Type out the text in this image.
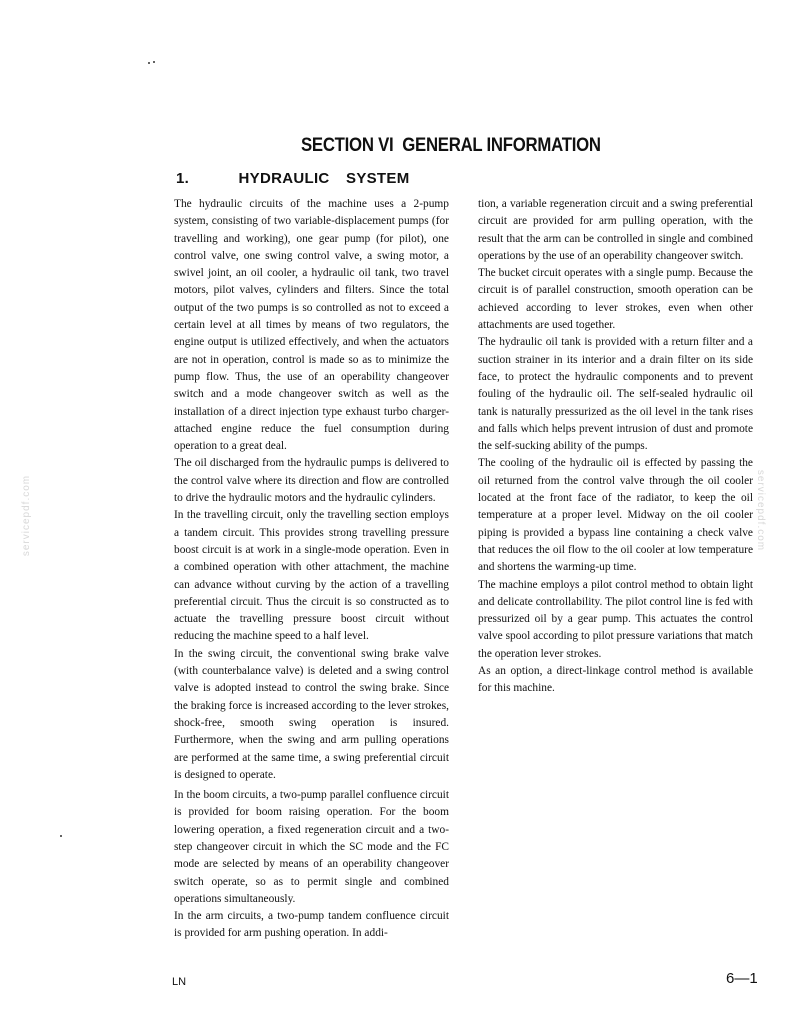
servicepdf.com	servicepdf.com
SECTION VI  GENERAL INFORMATION
1.   HYDRAULIC SYSTEM

The hydraulic circuits of the machine uses a 2-pump system, consisting of two variable-displacement pumps (for travelling and working), one gear pump (for pilot), one control valve, one swing control valve, a swing motor, a swivel joint, an oil cooler, a hydraulic oil tank, two travel motors, pilot valves, cylinders and filters. Since the total output of the two pumps is so controlled as not to exceed a certain level at all times by means of two regulators, the engine output is utilized effectively, and when the actuators are not in operation, control is made so as to minimize the pump flow. Thus, the use of an operability changeover switch and a mode changeover switch as well as the installation of a direct injection type exhaust turbo charger-attached engine reduce the fuel consumption during operation to a great deal.

The oil discharged from the hydraulic pumps is delivered to the control valve where its direction and flow are controlled to drive the hydraulic motors and the hydraulic cylinders.

In the travelling circuit, only the travelling section employs a tandem circuit. This provides strong travelling pressure boost circuit is at work in a single-mode operation. Even in a combined operation with other attachment, the machine can advance without curving by the action of a travelling preferential circuit. Thus the circuit is so constructed as to actuate the travelling pressure boost circuit without reducing the machine speed to a half level.

In the swing circuit, the conventional swing brake valve (with counterbalance valve) is deleted and a swing control valve is adopted instead to control the swing brake. Since the braking force is increased according to the lever strokes, shock-free, smooth swing operation is insured. Furthermore, when the swing and arm pulling operations are performed at the same time, a swing preferential circuit is designed to operate.

In the boom circuits, a two-pump parallel confluence circuit is provided for boom raising operation. For the boom lowering operation, a fixed regeneration circuit and a two-step changeover circuit in which the SC mode and the FC mode are selected by means of an operability changeover switch operate, so as to permit single and combined operations simultaneously.

In the arm circuits, a two-pump tandem confluence circuit is provided for arm pushing operation. In addi-

tion, a variable regeneration circuit and a swing preferential circuit are provided for arm pulling operation, with the result that the arm can be controlled in single and combined operations by the use of an operability changeover switch.

The bucket circuit operates with a single pump. Because the circuit is of parallel construction, smooth operation can be achieved according to lever strokes, even when other attachments are used together.

The hydraulic oil tank is provided with a return filter and a suction strainer in its interior and a drain filter on its side face, to protect the hydraulic components and to prevent fouling of the hydraulic oil. The self-sealed hydraulic oil tank is naturally pressurized as the oil level in the tank rises and falls which helps prevent intrusion of dust and promote the self-sucking ability of the pumps.

The cooling of the hydraulic oil is effected by passing the oil returned from the control valve through the oil cooler located at the front face of the radiator, to keep the oil temperature at a proper level. Midway on the oil cooler piping is provided a bypass line containing a check valve that reduces the oil flow to the oil cooler at low temperature and shortens the warming-up time.

The machine employs a pilot control method to obtain light and delicate controllability. The pilot control line is fed with pressurized oil by a gear pump. This actuates the control valve spool according to pilot pressure variations that match the operation lever strokes.

As an option, a direct-linkage control method is available for this machine.

LN	6—1
